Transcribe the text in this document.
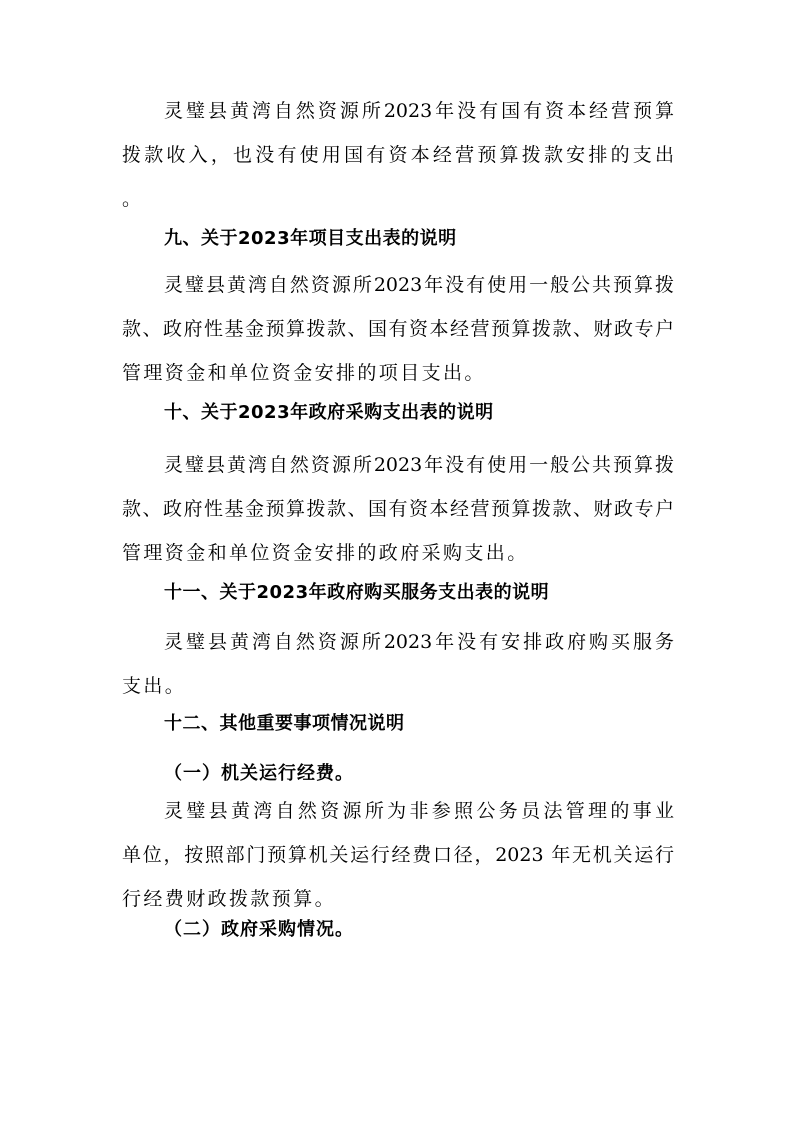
灵璧县黄湾自然资源所2023年没有国有资本经营预算
拨款收入，也没有使用国有资本经营预算拨款安排的支出
。
九、关于2023年项目支出表的说明
灵璧县黄湾自然资源所2023年没有使用一般公共预算拨
款、政府性基金预算拨款、国有资本经营预算拨款、财政专户
管理资金和单位资金安排的项目支出。
十、关于2023年政府采购支出表的说明
灵璧县黄湾自然资源所2023年没有使用一般公共预算拨
款、政府性基金预算拨款、国有资本经营预算拨款、财政专户
管理资金和单位资金安排的政府采购支出。
十一、关于2023年政府购买服务支出表的说明
灵璧县黄湾自然资源所2023年没有安排政府购买服务
支出。
十二、其他重要事项情况说明
（一）机关运行经费。
灵璧县黄湾自然资源所为非参照公务员法管理的事业
单位，按照部门预算机关运行经费口径，2023 年无机关运行
行经费财政拨款预算。
（二）政府采购情况。
